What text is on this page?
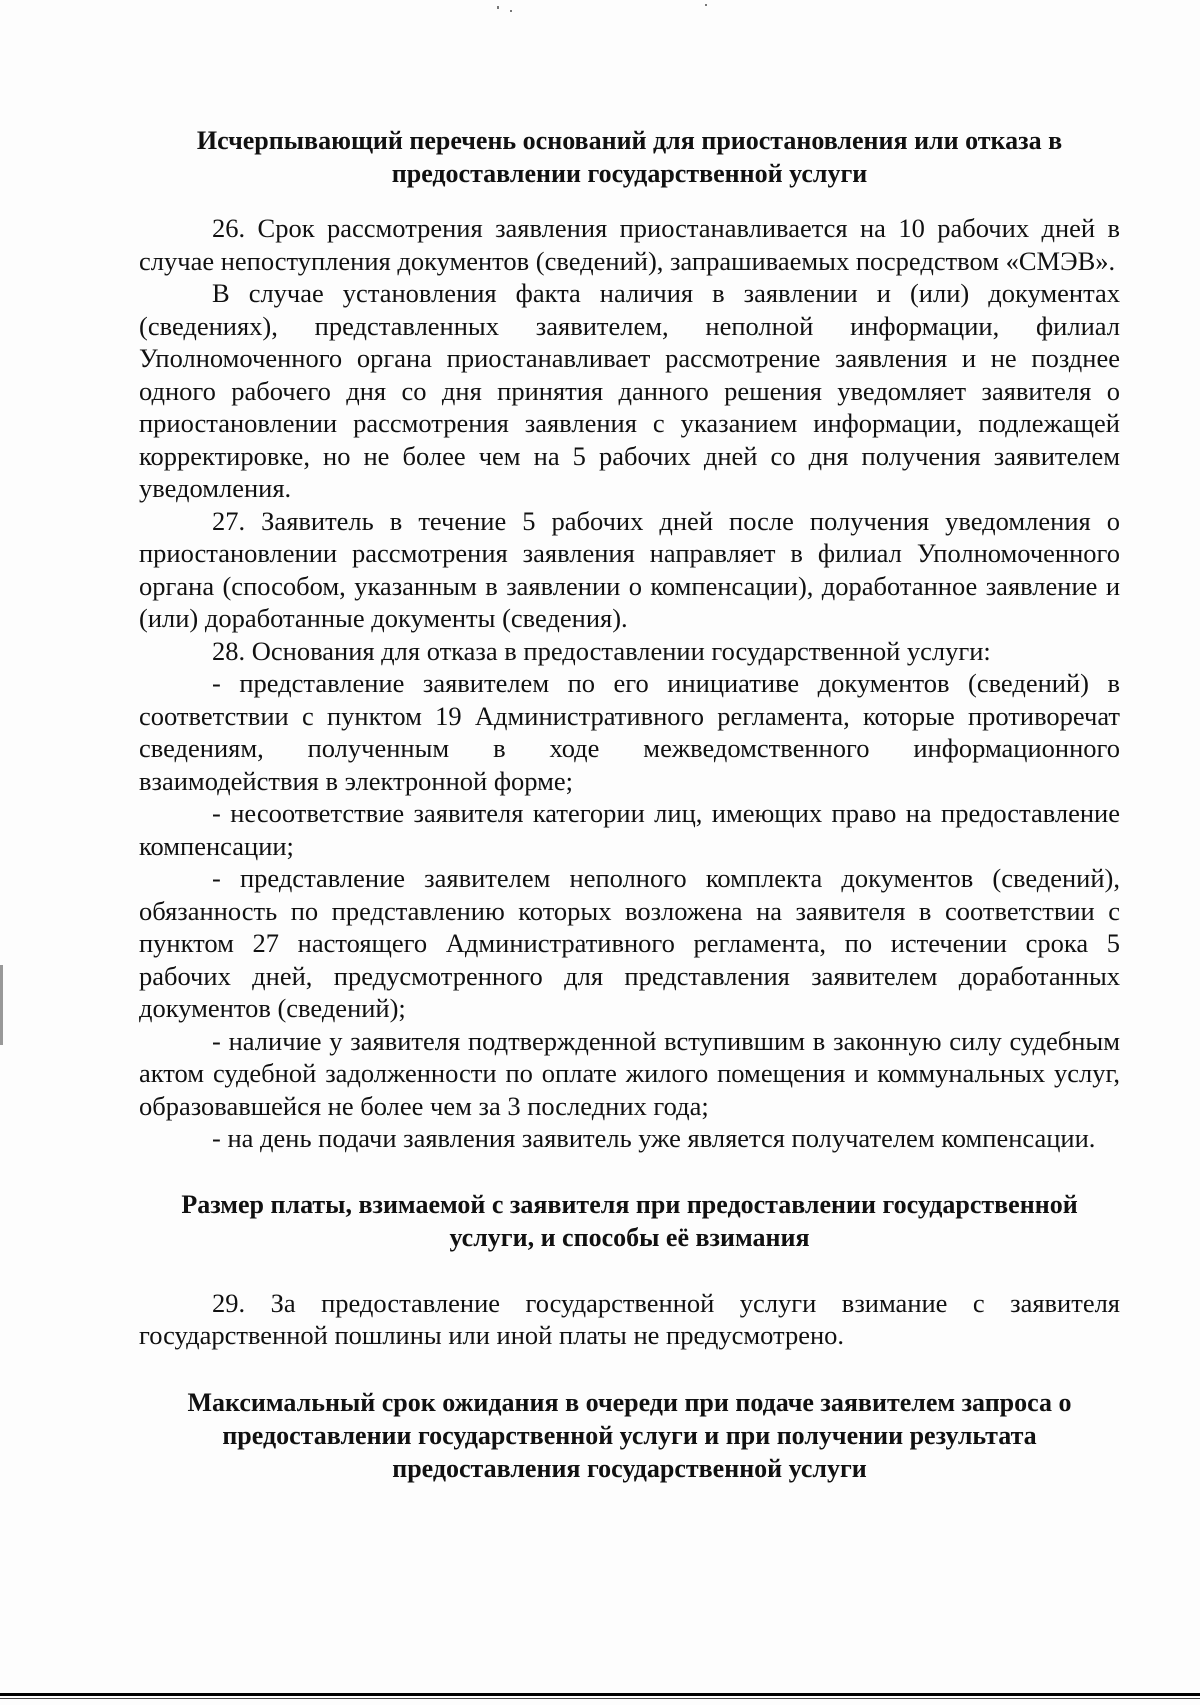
Исчерпывающий перечень оснований для приостановления или отказа в предоставлении государственной услуги

26. Срок рассмотрения заявления приостанавливается на 10 рабочих дней в случае непоступления документов (сведений), запрашиваемых посредством «СМЭВ».

В случае установления факта наличия в заявлении и (или) документах (сведениях), представленных заявителем, неполной информации, филиал Уполномоченного органа приостанавливает рассмотрение заявления и не позднее одного рабочего дня со дня принятия данного решения уведомляет заявителя о приостановлении рассмотрения заявления с указанием информации, подлежащей корректировке, но не более чем на 5 рабочих дней со дня получения заявителем уведомления.

27. Заявитель в течение 5 рабочих дней после получения уведомления о приостановлении рассмотрения заявления направляет в филиал Уполномоченного органа (способом, указанным в заявлении о компенсации), доработанное заявление и (или) доработанные документы (сведения).

28. Основания для отказа в предоставлении государственной услуги:

- представление заявителем по его инициативе документов (сведений) в соответствии с пунктом 19 Административного регламента, которые противоречат сведениям, полученным в ходе межведомственного информационного взаимодействия в электронной форме;

- несоответствие заявителя категории лиц, имеющих право на предоставление компенсации;

- представление заявителем неполного комплекта документов (сведений), обязанность по представлению которых возложена на заявителя в соответствии с пунктом 27 настоящего Административного регламента, по истечении срока 5 рабочих дней, предусмотренного для представления заявителем доработанных документов (сведений);

- наличие у заявителя подтвержденной вступившим в законную силу судебным актом судебной задолженности по оплате жилого помещения и коммунальных услуг, образовавшейся не более чем за 3 последних года;

- на день подачи заявления заявитель уже является получателем компенсации.

Размер платы, взимаемой с заявителя при предоставлении государственной услуги, и способы её взимания

29. За предоставление государственной услуги взимание с заявителя государственной пошлины или иной платы не предусмотрено.

Максимальный срок ожидания в очереди при подаче заявителем запроса о предоставлении государственной услуги и при получении результата предоставления государственной услуги
